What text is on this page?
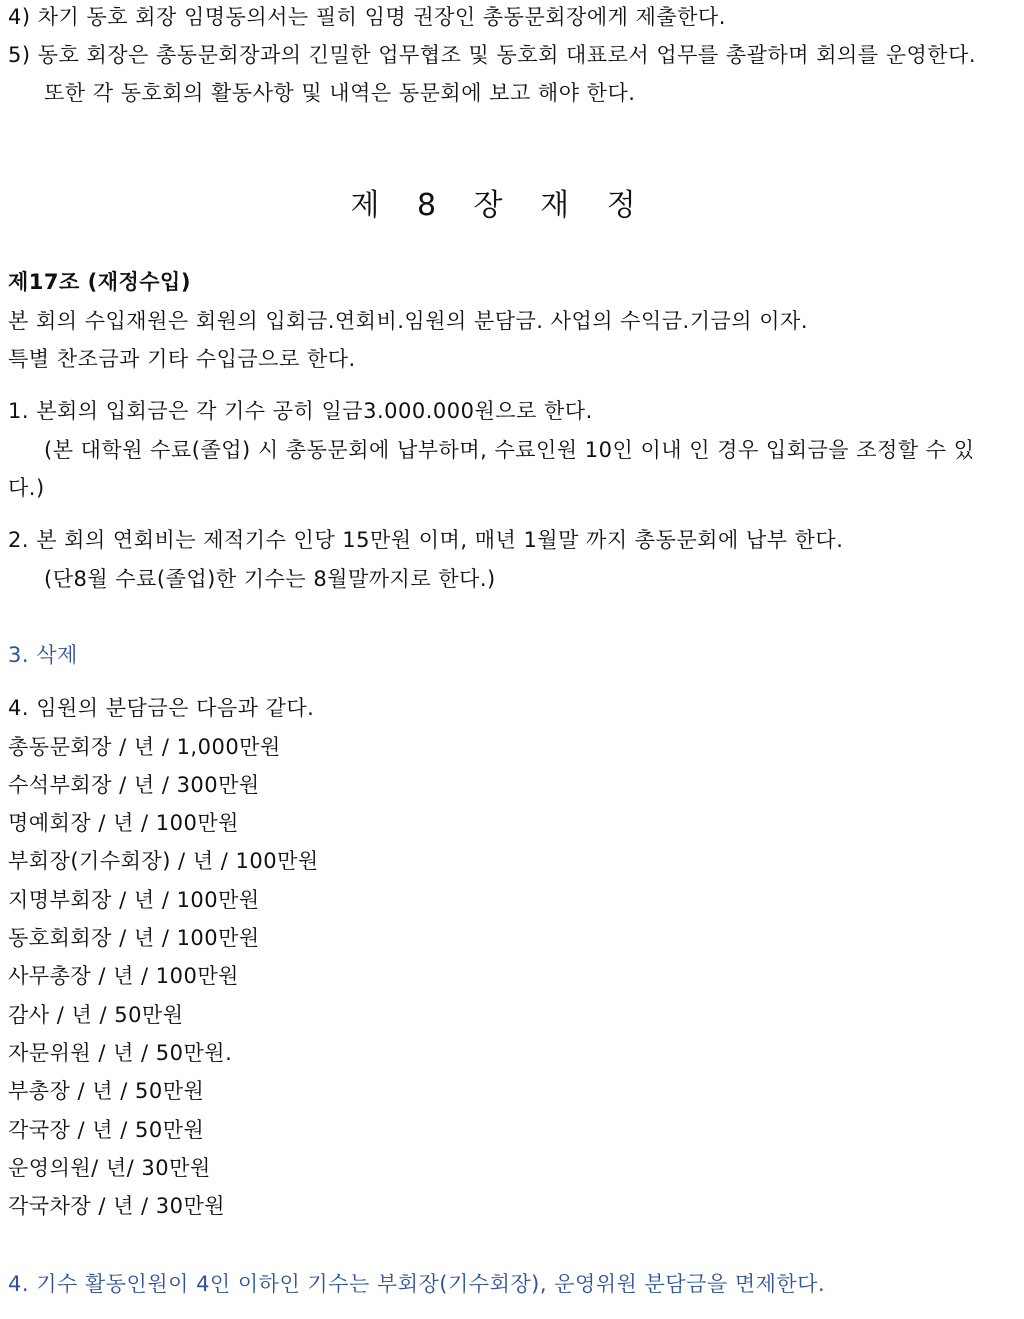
4) 차기 동호 회장 임명동의서는 필히 임명 권장인 총동문회장에게 제출한다.
5) 동호 회장은 총동문회장과의 긴밀한 업무협조 및 동호회 대표로서 업무를 총괄하며 회의를 운영한다.
또한 각 동호회의 활동사항 및 내역은 동문회에 보고 해야 한다.
제 8 장 재 정
제17조 (재정수입)
본 회의 수입재원은 회원의 입회금.연회비.임원의 분담금. 사업의 수익금.기금의 이자.
특별 찬조금과 기타 수입금으로 한다.
1. 본회의 입회금은 각 기수 공히 일금3.000.000원으로 한다.
(본 대학원 수료(졸업) 시 총동문회에 납부하며, 수료인원 10인 이내 인 경우 입회금을 조정할 수 있
다.)
2. 본 회의 연회비는 제적기수 인당 15만원 이며, 매년 1월말 까지 총동문회에 납부 한다.
(단8월 수료(졸업)한 기수는 8월말까지로 한다.)
3. 삭제
4. 임원의 분담금은 다음과 같다.
총동문회장 / 년 / 1,000만원
수석부회장 / 년 / 300만원
명예회장 / 년 / 100만원
부회장(기수회장) / 년 / 100만원
지명부회장 / 년 / 100만원
동호회회장 / 년 / 100만원
사무총장 / 년 / 100만원
감사 / 년 / 50만원
자문위원 / 년 / 50만원.
부총장 / 년 / 50만원
각국장 / 년 / 50만원
운영의원/ 년/ 30만원
각국차장 / 년 / 30만원
4. 기수 활동인원이 4인 이하인 기수는 부회장(기수회장), 운영위원 분담금을 면제한다.
